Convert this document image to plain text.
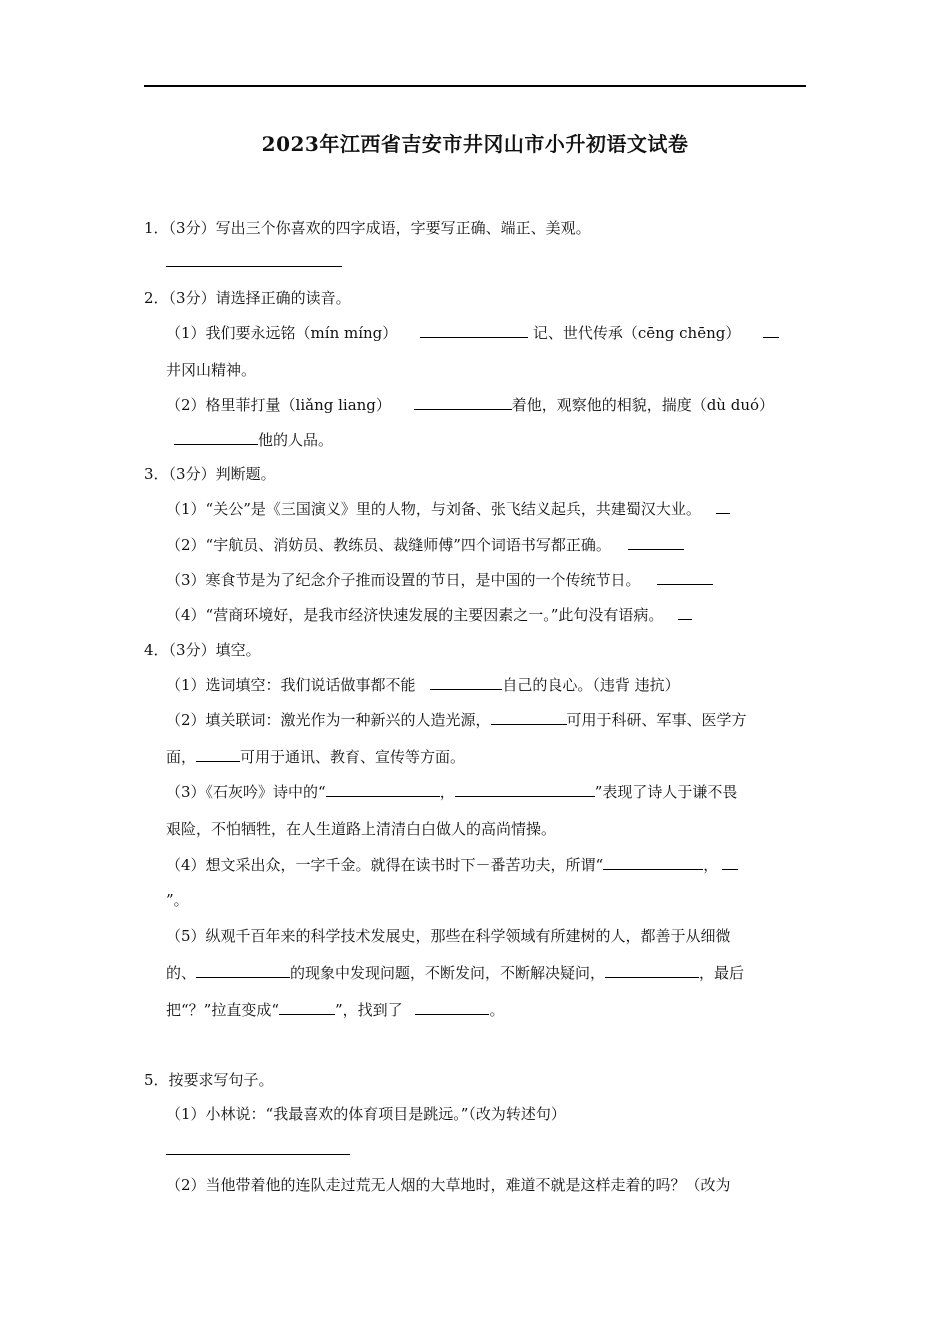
2023年江西省吉安市井冈山市小升初语文试卷
1．（3分）写出三个你喜欢的四字成语，字要写正确、端正、美观。
2．（3分）请选择正确的读音。
（1）我们要永远铭（mín míng）	记、世代传承（cēng chēng）
井冈山精神。
（2）格里菲打量（liǎng liang）	着他，观察他的相貌，揣度（dù duó）
他的人品。
3．（3分）判断题。
（1）“关公”是《三国演义》里的人物，与刘备、张飞结义起兵，共建蜀汉大业。
（2）“宇航员、消妨员、教练员、裁缝师傅”四个词语书写都正确。
（3）寒食节是为了纪念介子推而设置的节日，是中国的一个传统节日。
（4）“营商环境好，是我市经济快速发展的主要因素之一。”此句没有语病。
4．（3分）填空。
（1）选词填空：我们说话做事都不能	自己的良心。（违背 违抗）
（2）填关联词：激光作为一种新兴的人造光源，	可用于科研、军事、医学方
面，	可用于通讯、教育、宣传等方面。
（3）《石灰吟》诗中的“	，	”表现了诗人于谦不畏
艰险，不怕牺牲，在人生道路上清清白白做人的高尚情操。
（4）想文采出众，一字千金。就得在读书时下－番苦功夫，所谓“	，
”。
（5）纵观千百年来的科学技术发展史，那些在科学领域有所建树的人，都善于从细微
的、	的现象中发现问题，不断发问，不断解决疑问，	，最后
把“？”拉直变成“	”，找到了	。
5．按要求写句子。
（1）小林说：“我最喜欢的体育项目是跳远。”（改为转述句）
（2）当他带着他的连队走过荒无人烟的大草地时，难道不就是这样走着的吗？（改为
